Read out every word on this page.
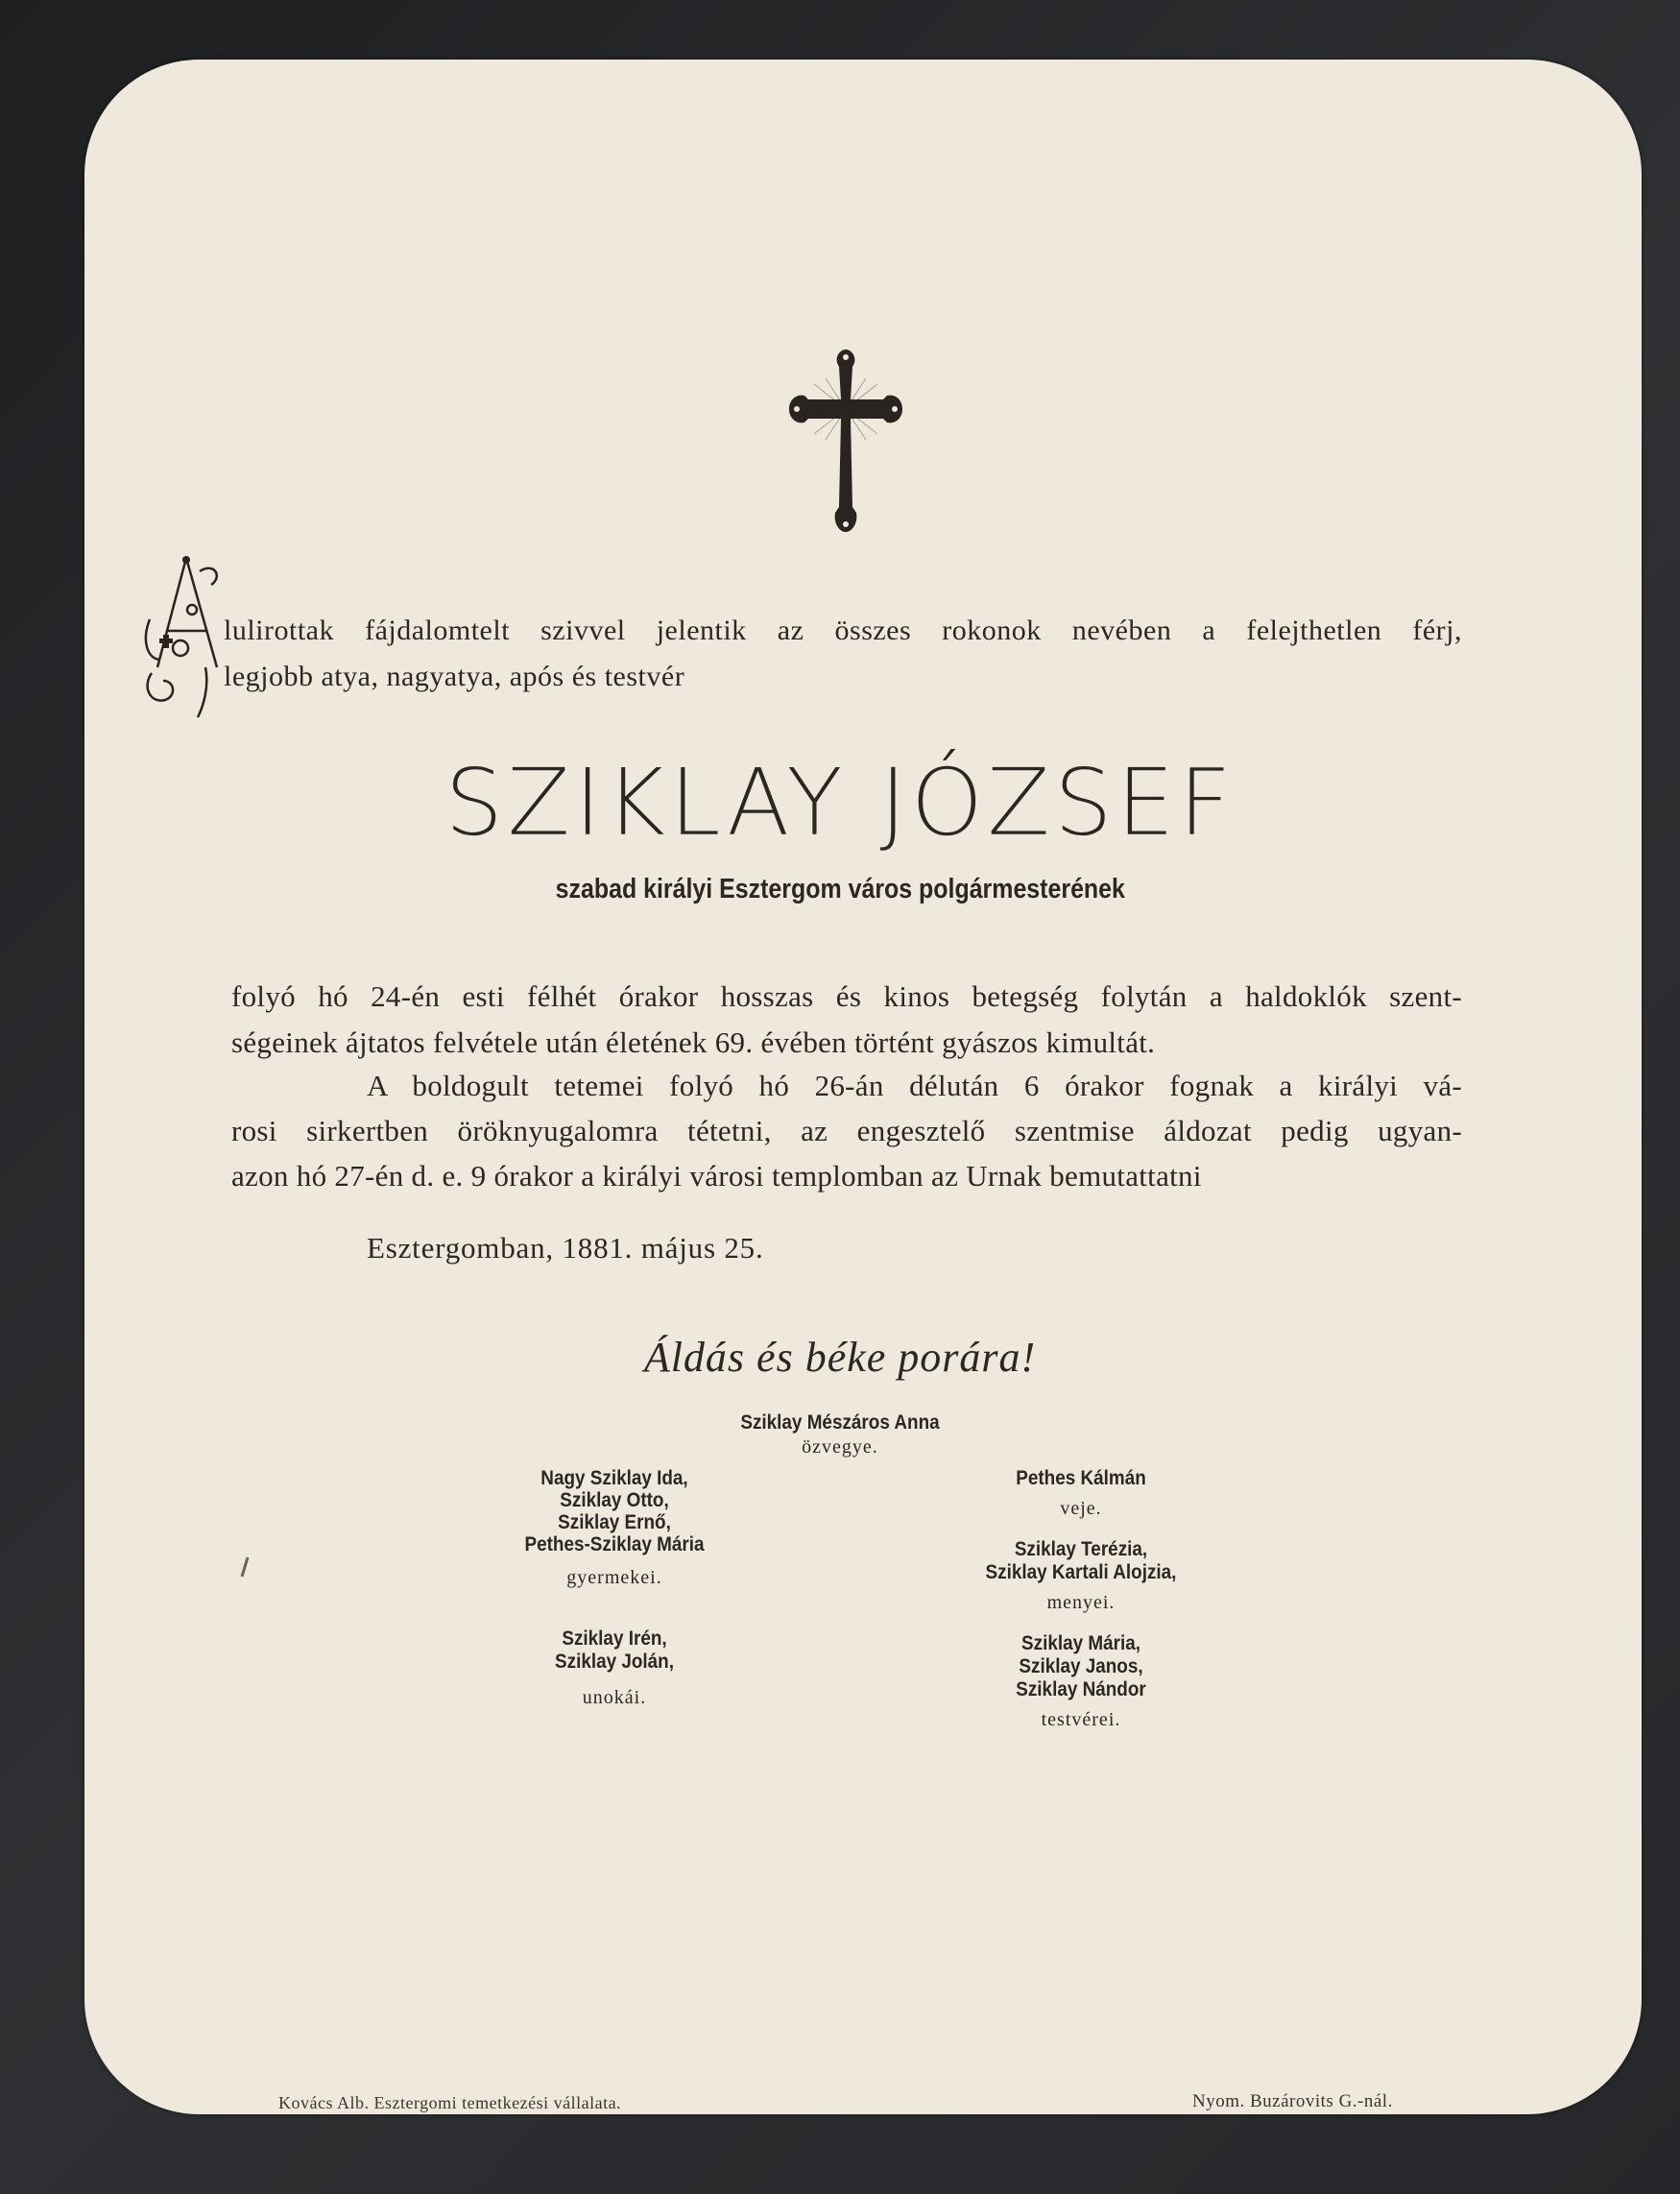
lulirottak fájdalomtelt szivvel jelentik az összes rokonok nevében a felejthetlen férj,
legjobb atya, nagyatya, após és testvér
SZIKLAY JÓZSEF
szabad királyi Esztergom város polgármesterének
folyó hó 24-én esti félhét órakor hosszas és kinos betegség folytán a haldoklók szent-
ségeinek ájtatos felvétele után életének 69. évében történt gyászos kimultát.
A boldogult tetemei folyó hó 26-án délután 6 órakor fognak a királyi vá-
rosi sirkertben öröknyugalomra tétetni, az engesztelő szentmise áldozat pedig ugyan-
azon hó 27-én d. e. 9 órakor a királyi városi templomban az Urnak bemutattatni
Esztergomban, 1881. május 25.
Áldás és béke porára!
Sziklay Mészáros Anna
özvegye.
Nagy Sziklay Ida,
Sziklay Otto,
Sziklay Ernő,
Pethes-Sziklay Mária
gyermekei.
Sziklay Irén,
Sziklay Jolán,
unokái.
Pethes Kálmán
veje.
Sziklay Terézia,
Sziklay Kartali Alojzia,
menyei.
Sziklay Mária,
Sziklay Janos,
Sziklay Nándor
testvérei.
Kovács Alb. Esztergomi temetkezési vállalata.	Nyom. Buzárovits G.-nál.
